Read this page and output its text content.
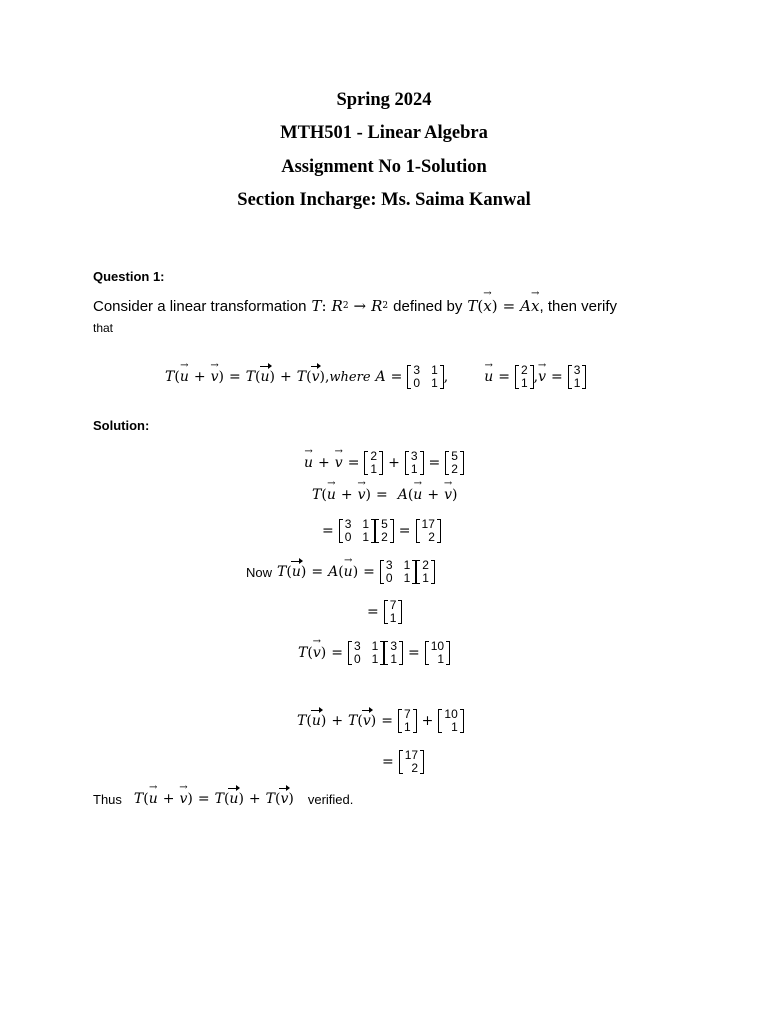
Spring 2024
MTH501 - Linear Algebra
Assignment No 1-Solution
Section Incharge: Ms. Saima Kanwal
Question 1:
Consider a linear transformation T : R 2 → R 2 defined by T ( → x ) = A → x , then verify
that
T ( → u + → v ) = T ( u ) + T ( v ) , where A = 3
0
1
1 ,	→ u = 2
1 , → v = 3
1
Solution:
→ u + → v = 2
1 + 3
1 = 5
2
T ( → u + → v ) = A ( → u + → v )
= 3
0
1
1
5
2 = 17
2
Now T ( u ) = A ( → u ) = 3
0
1
1
2
1
= 7
1
T ( → v ) = 3
0
1
1
3
1 = 10
1
T ( u ) + T ( v ) = 7
1 + 10
1
= 17
2
Thus T ( → u + → v ) = T ( u ) + T ( v ) verified.
